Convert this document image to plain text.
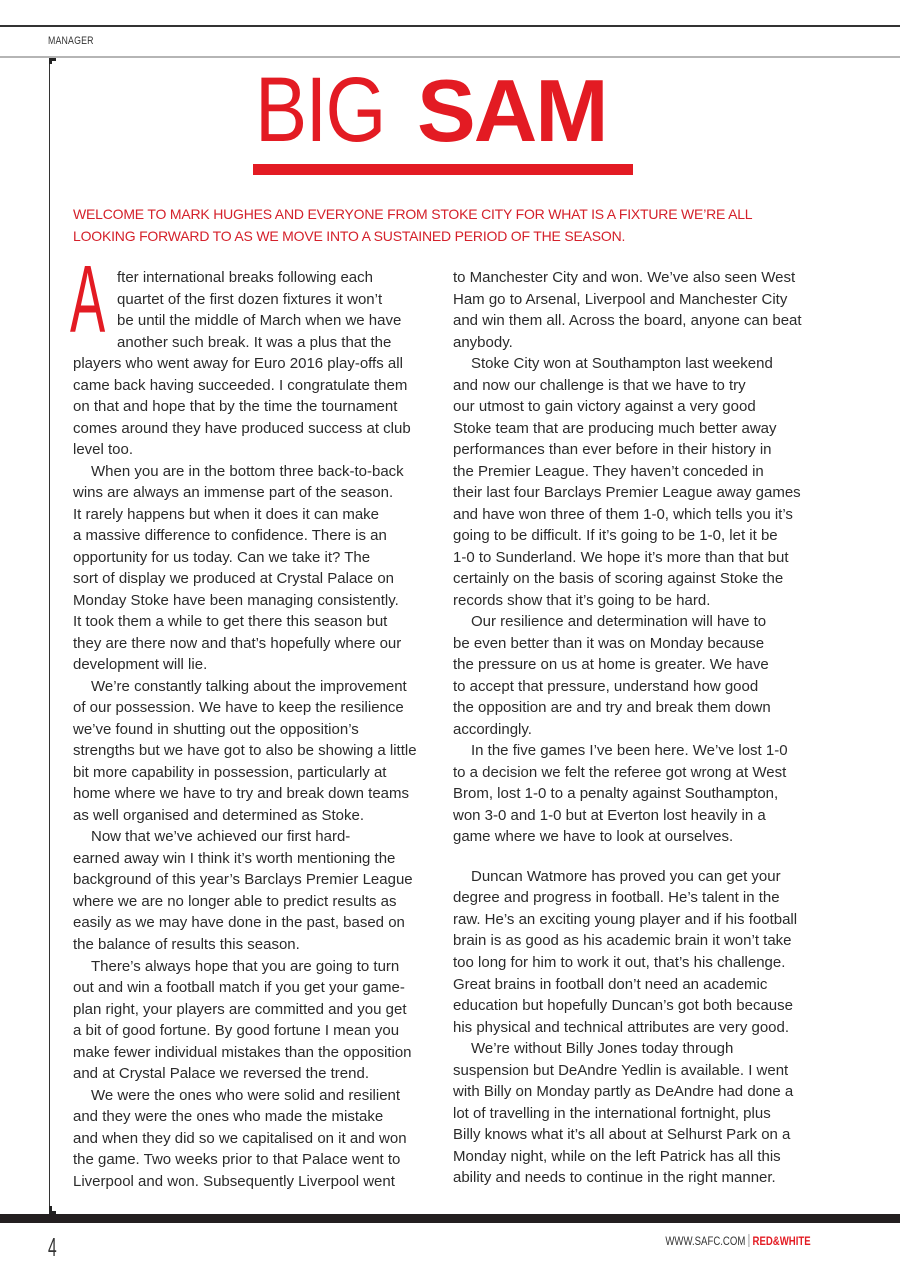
MANAGER
BIG SAM
WELCOME TO MARK HUGHES AND EVERYONE FROM STOKE CITY FOR WHAT IS A FIXTURE WE’RE ALL
LOOKING FORWARD TO AS WE MOVE INTO A SUSTAINED PERIOD OF THE SEASON.
A fter international breaks following each
quartet of the first dozen fixtures it won’t
be until the middle of March when we have
another such break. It was a plus that the
players who went away for Euro 2016 play-offs all
came back having succeeded. I congratulate them
on that and hope that by the time the tournament
comes around they have produced success at club
level too.
When you are in the bottom three back-to-back
wins are always an immense part of the season.
It rarely happens but when it does it can make
a massive difference to confidence. There is an
opportunity for us today. Can we take it? The
sort of display we produced at Crystal Palace on
Monday Stoke have been managing consistently.
It took them a while to get there this season but
they are there now and that’s hopefully where our
development will lie.
We’re constantly talking about the improvement
of our possession. We have to keep the resilience
we’ve found in shutting out the opposition’s
strengths but we have got to also be showing a little
bit more capability in possession, particularly at
home where we have to try and break down teams
as well organised and determined as Stoke.
Now that we’ve achieved our first hard-
earned away win I think it’s worth mentioning the
background of this year’s Barclays Premier League
where we are no longer able to predict results as
easily as we may have done in the past, based on
the balance of results this season.
There’s always hope that you are going to turn
out and win a football match if you get your game-
plan right, your players are committed and you get
a bit of good fortune. By good fortune I mean you
make fewer individual mistakes than the opposition
and at Crystal Palace we reversed the trend.
We were the ones who were solid and resilient
and they were the ones who made the mistake
and when they did so we capitalised on it and won
the game. Two weeks prior to that Palace went to
Liverpool and won. Subsequently Liverpool went
to Manchester City and won. We’ve also seen West
Ham go to Arsenal, Liverpool and Manchester City
and win them all. Across the board, anyone can beat
anybody.
Stoke City won at Southampton last weekend
and now our challenge is that we have to try
our utmost to gain victory against a very good
Stoke team that are producing much better away
performances than ever before in their history in
the Premier League. They haven’t conceded in
their last four Barclays Premier League away games
and have won three of them 1-0, which tells you it’s
going to be difficult. If it’s going to be 1-0, let it be
1-0 to Sunderland. We hope it’s more than that but
certainly on the basis of scoring against Stoke the
records show that it’s going to be hard.
Our resilience and determination will have to
be even better than it was on Monday because
the pressure on us at home is greater. We have
to accept that pressure, understand how good
the opposition are and try and break them down
accordingly.
In the five games I’ve been here. We’ve lost 1-0
to a decision we felt the referee got wrong at West
Brom, lost 1-0 to a penalty against Southampton,
won 3-0 and 1-0 but at Everton lost heavily in a
game where we have to look at ourselves.
Duncan Watmore has proved you can get your
degree and progress in football. He’s talent in the
raw. He’s an exciting young player and if his football
brain is as good as his academic brain it won’t take
too long for him to work it out, that’s his challenge.
Great brains in football don’t need an academic
education but hopefully Duncan’s got both because
his physical and technical attributes are very good.
We’re without Billy Jones today through
suspension but DeAndre Yedlin is available. I went
with Billy on Monday partly as DeAndre had done a
lot of travelling in the international fortnight, plus
Billy knows what it’s all about at Selhurst Park on a
Monday night, while on the left Patrick has all this
ability and needs to continue in the right manner.
4	WWW.SAFC.COM RED&WHITE
